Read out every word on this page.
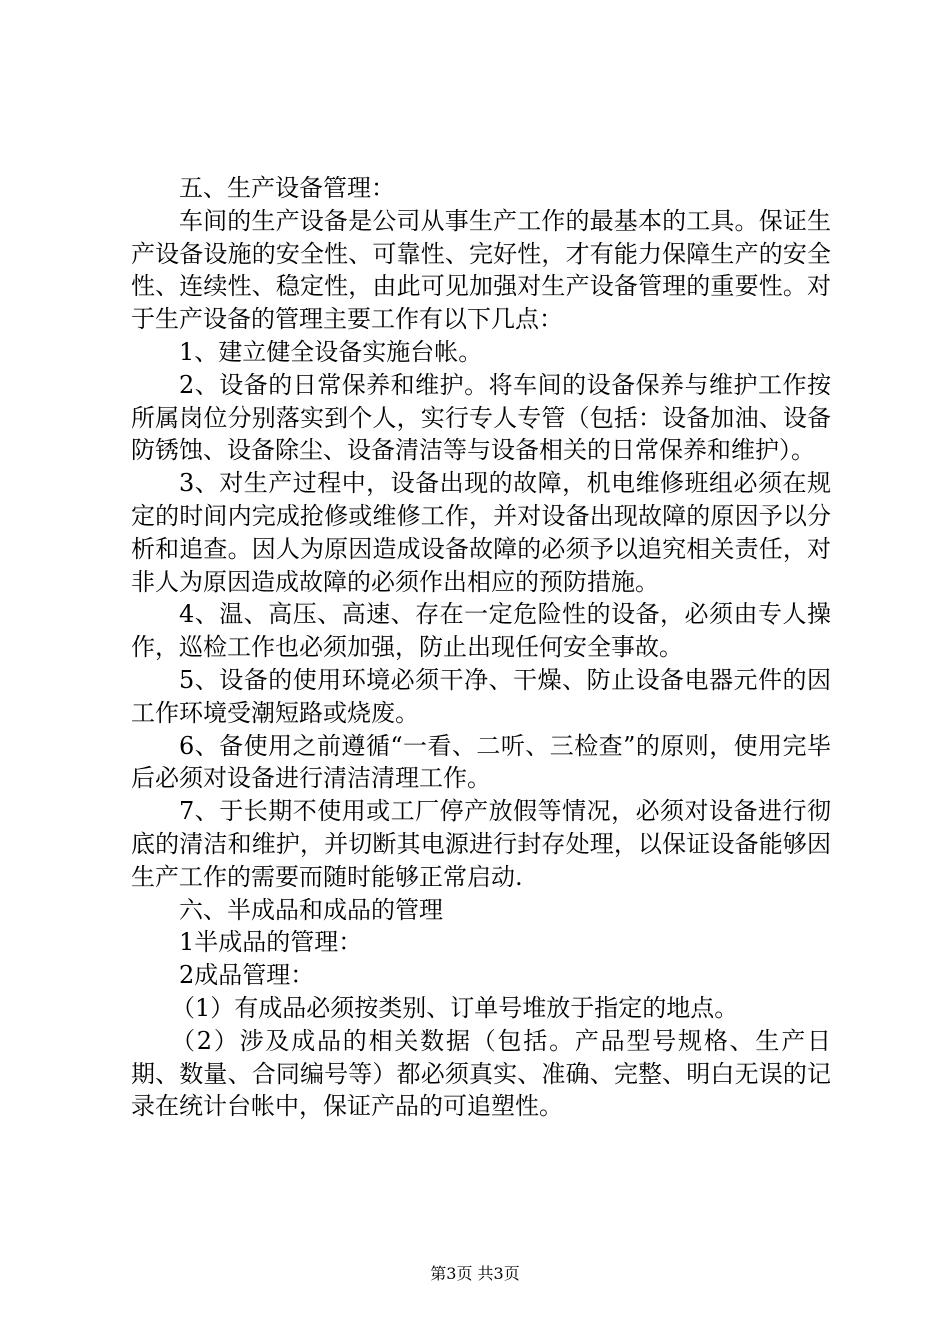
五、生产设备管理：

车间的生产设备是公司从事生产工作的最基本的工具。保证生产设备设施的安全性、可靠性、完好性，才有能力保障生产的安全性、连续性、稳定性，由此可见加强对生产设备管理的重要性。对于生产设备的管理主要工作有以下几点：

1、建立健全设备实施台帐。

2、设备的日常保养和维护。将车间的设备保养与维护工作按所属岗位分别落实到个人，实行专人专管（包括：设备加油、设备防锈蚀、设备除尘、设备清洁等与设备相关的日常保养和维护）。

3、对生产过程中，设备出现的故障，机电维修班组必须在规定的时间内完成抢修或维修工作，并对设备出现故障的原因予以分析和追查。因人为原因造成设备故障的必须予以追究相关责任，对非人为原因造成故障的必须作出相应的预防措施。

4、温、高压、高速、存在一定危险性的设备，必须由专人操作，巡检工作也必须加强，防止出现任何安全事故。

5、设备的使用环境必须干净、干燥、防止设备电器元件的因工作环境受潮短路或烧废。

6、备使用之前遵循“一看、二听、三检查”的原则，使用完毕后必须对设备进行清洁清理工作。

7、于长期不使用或工厂停产放假等情况，必须对设备进行彻底的清洁和维护，并切断其电源进行封存处理，以保证设备能够因生产工作的需要而随时能够正常启动.

六、半成品和成品的管理

1半成品的管理：

2成品管理：

（1）有成品必须按类别、订单号堆放于指定的地点。

（2）涉及成品的相关数据（包括。产品型号规格、生产日期、数量、合同编号等）都必须真实、准确、完整、明白无误的记录在统计台帐中，保证产品的可追塑性。

第3页 共3页
